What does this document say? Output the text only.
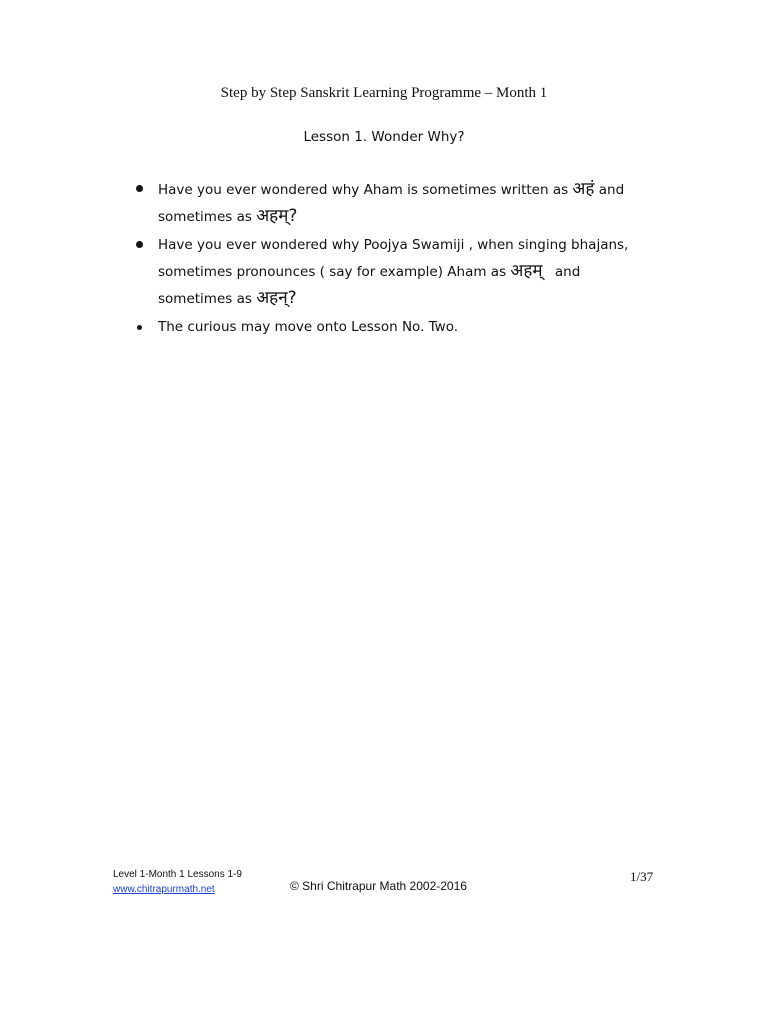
Step by Step Sanskrit Learning Programme – Month 1
Lesson 1. Wonder Why?
Have you ever wondered why Aham is sometimes written as अहं and
sometimes as अहम्?
Have you ever wondered why Poojya Swamiji , when singing bhajans,
sometimes pronounces ( say for example) Aham as अहम् and
sometimes as अहन्?
The curious may move onto Lesson No. Two.
Level 1-Month 1 Lessons 1-9
www.chitrapurmath.net	© Shri Chitrapur Math 2002-2016
1/37
